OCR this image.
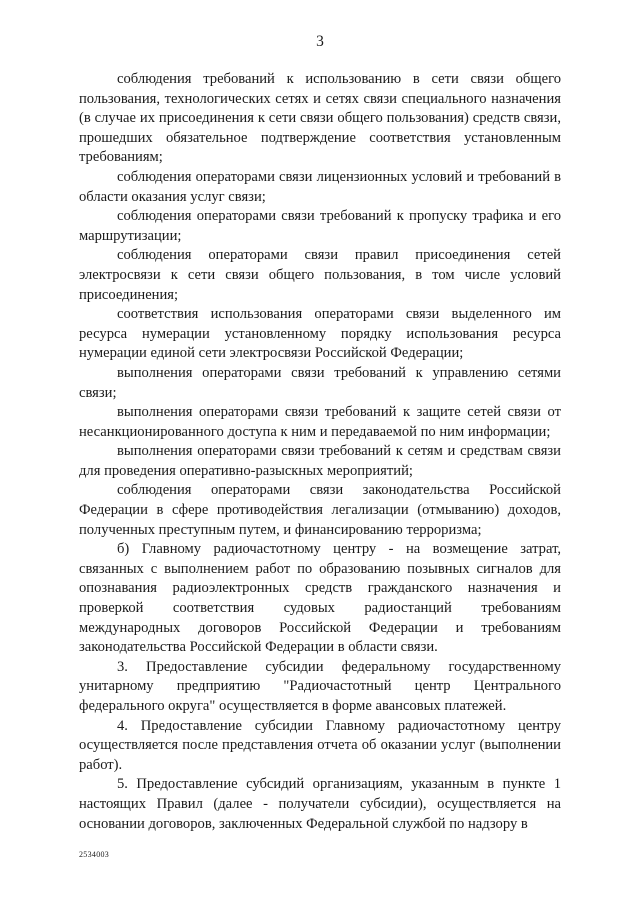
3

соблюдения требований к использованию в сети связи общего пользования, технологических сетях и сетях связи специального назначения (в случае их присоединения к сети связи общего пользования) средств связи, прошедших обязательное подтверждение соответствия установленным требованиям;

соблюдения операторами связи лицензионных условий и требований в области оказания услуг связи;

соблюдения операторами связи требований к пропуску трафика и его маршрутизации;

соблюдения операторами связи правил присоединения сетей электросвязи к сети связи общего пользования, в том числе условий присоединения;

соответствия использования операторами связи выделенного им ресурса нумерации установленному порядку использования ресурса нумерации единой сети электросвязи Российской Федерации;

выполнения операторами связи требований к управлению сетями связи;

выполнения операторами связи требований к защите сетей связи от несанкционированного доступа к ним и передаваемой по ним информации;

выполнения операторами связи требований к сетям и средствам связи для проведения оперативно-разыскных мероприятий;

соблюдения операторами связи законодательства Российской Федерации в сфере противодействия легализации (отмыванию) доходов, полученных преступным путем, и финансированию терроризма;

б) Главному радиочастотному центру - на возмещение затрат, связанных с выполнением работ по образованию позывных сигналов для опознавания радиоэлектронных средств гражданского назначения и проверкой соответствия судовых радиостанций требованиям международных договоров Российской Федерации и требованиям законодательства Российской Федерации в области связи.

3. Предоставление субсидии федеральному государственному унитарному предприятию "Радиочастотный центр Центрального федерального округа" осуществляется в форме авансовых платежей.

4. Предоставление субсидии Главному радиочастотному центру осуществляется после представления отчета об оказании услуг (выполнении работ).

5. Предоставление субсидий организациям, указанным в пункте 1 настоящих Правил (далее - получатели субсидии), осуществляется на основании договоров, заключенных Федеральной службой по надзору в

2534003
